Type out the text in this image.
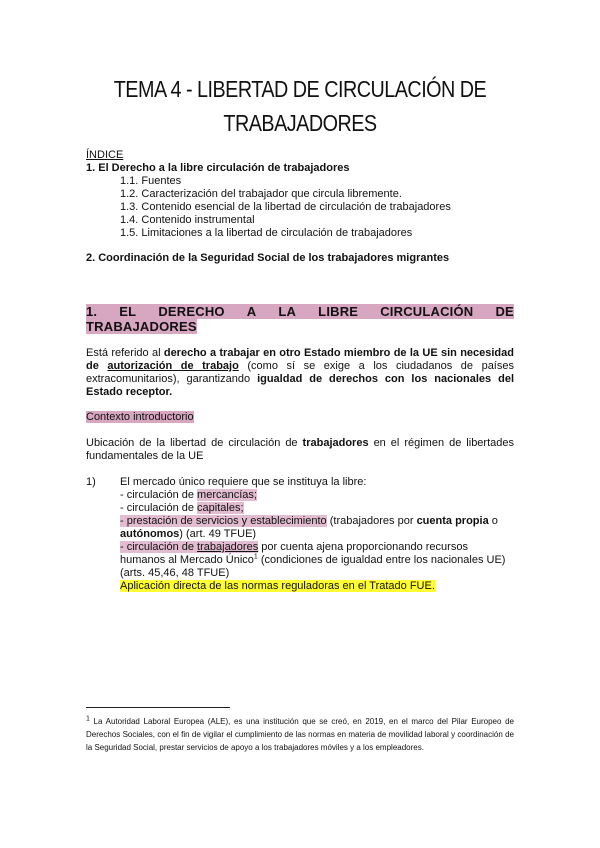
TEMA 4 - LIBERTAD DE CIRCULACIÓN DE
TRABAJADORES
ÍNDICE
1. El Derecho a la libre circulación de trabajadores
1.1. Fuentes
1.2. Caracterización del trabajador que circula libremente.
1.3. Contenido esencial de la libertad de circulación de trabajadores
1.4. Contenido instrumental
1.5. Limitaciones a la libertad de circulación de trabajadores
2. Coordinación de la Seguridad Social de los trabajadores migrantes
1. EL DERECHO A LA LIBRE CIRCULACIÓN DE
TRABAJADORES
Está referido al derecho a trabajar en otro Estado miembro de la UE sin necesidad de autorización de trabajo (como sí se exige a los ciudadanos de países extracomunitarios), garantizando igualdad de derechos con los nacionales del Estado receptor.
Contexto introductorio
Ubicación de la libertad de circulación de trabajadores en el régimen de libertades fundamentales de la UE
1) El mercado único requiere que se instituya la libre:
- circulación de mercancías;
- circulación de capitales;
- prestación de servicios y establecimiento (trabajadores por cuenta propia o
autónomos) (art. 49 TFUE)
- circulación de trabajadores por cuenta ajena proporcionando recursos
humanos al Mercado Único$^1$ (condiciones de igualdad entre los nacionales UE)
(arts. 45,46, 48 TFUE)
Aplicación directa de las normas reguladoras en el Tratado FUE.
$^1$ La Autoridad Laboral Europea (ALE), es una institución que se creó, en 2019, en el marco del Pilar Europeo de Derechos Sociales, con el fin de vigilar el cumplimiento de las normas en materia de movilidad laboral y coordinación de la Seguridad Social, prestar servicios de apoyo a los trabajadores móviles y a los empleadores.
